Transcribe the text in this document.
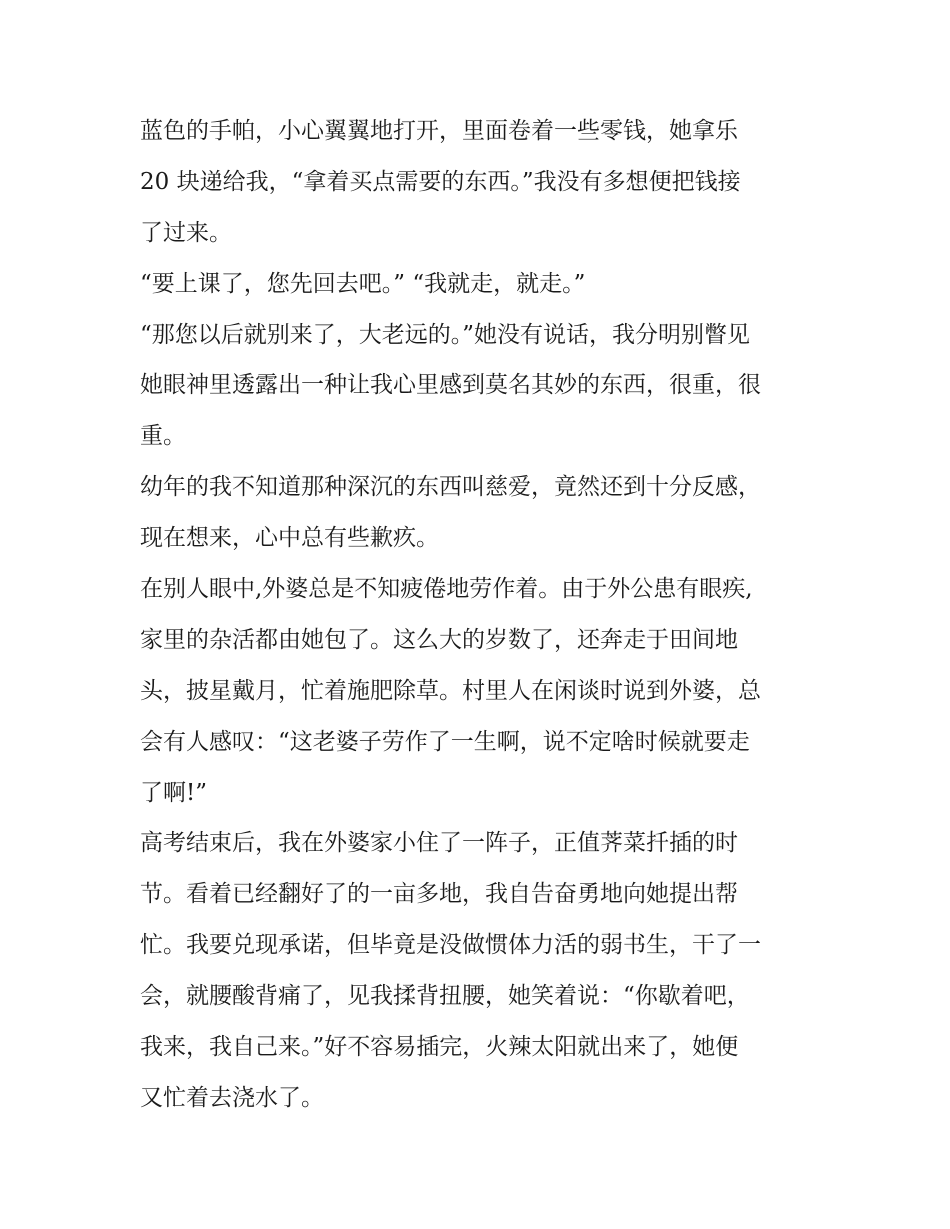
蓝色的手帕，小心翼翼地打开，里面卷着一些零钱，她拿乐
20 块递给我，“拿着买点需要的东西。”我没有多想便把钱接
了过来。
“要上课了，您先回去吧。” “我就走，就走。”
“那您以后就别来了，大老远的。”她没有说话，我分明别瞥见
她眼神里透露出一种让我心里感到莫名其妙的东西，很重，很
重。
幼年的我不知道那种深沉的东西叫慈爱，竟然还到十分反感，
现在想来，心中总有些歉疚。
在别人眼中,外婆总是不知疲倦地劳作着。由于外公患有眼疾,
家里的杂活都由她包了。这么大的岁数了，还奔走于田间地
头，披星戴月，忙着施肥除草。村里人在闲谈时说到外婆，总
会有人感叹：“这老婆子劳作了一生啊，说不定啥时候就要走
了啊!”
高考结束后，我在外婆家小住了一阵子，正值荠菜扦插的时
节。看着已经翻好了的一亩多地，我自告奋勇地向她提出帮
忙。我要兑现承诺，但毕竟是没做惯体力活的弱书生，干了一
会，就腰酸背痛了，见我揉背扭腰，她笑着说：“你歇着吧，
我来，我自己来。”好不容易插完，火辣太阳就出来了，她便
又忙着去浇水了。
